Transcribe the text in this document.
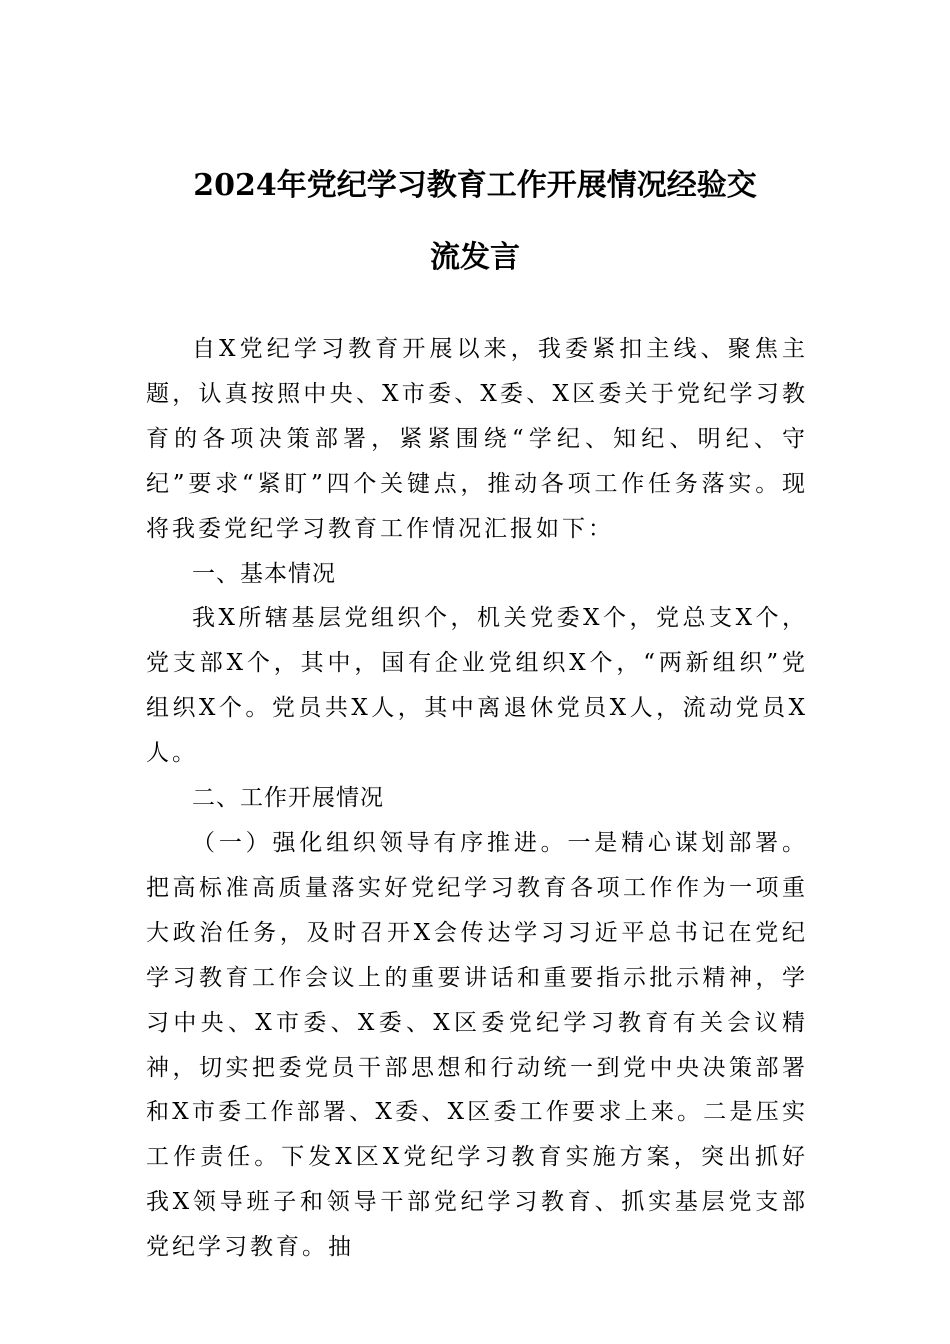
2024年党纪学习教育工作开展情况经验交
流发言

自X党纪学习教育开展以来，我委紧扣主线、聚焦主题，认真按照中央、X市委、X委、X区委关于党纪学习教育的各项决策部署，紧紧围绕“学纪、知纪、明纪、守纪”要求“紧盯”四个关键点，推动各项工作任务落实。现将我委党纪学习教育工作情况汇报如下：

一、基本情况

我X所辖基层党组织个，机关党委X个，党总支X个，党支部X个，其中，国有企业党组织X个，“两新组织”党组织X个。党员共X人，其中离退休党员X人，流动党员X人。

二、工作开展情况

（一）强化组织领导有序推进。一是精心谋划部署。把高标准高质量落实好党纪学习教育各项工作作为一项重大政治任务，及时召开X会传达学习习近平总书记在党纪学习教育工作会议上的重要讲话和重要指示批示精神，学习中央、X市委、X委、X区委党纪学习教育有关会议精神，切实把委党员干部思想和行动统一到党中央决策部署和X市委工作部署、X委、X区委工作要求上来。二是压实工作责任。下发X区X党纪学习教育实施方案，突出抓好我X领导班子和领导干部党纪学习教育、抓实基层党支部党纪学习教育。抽
